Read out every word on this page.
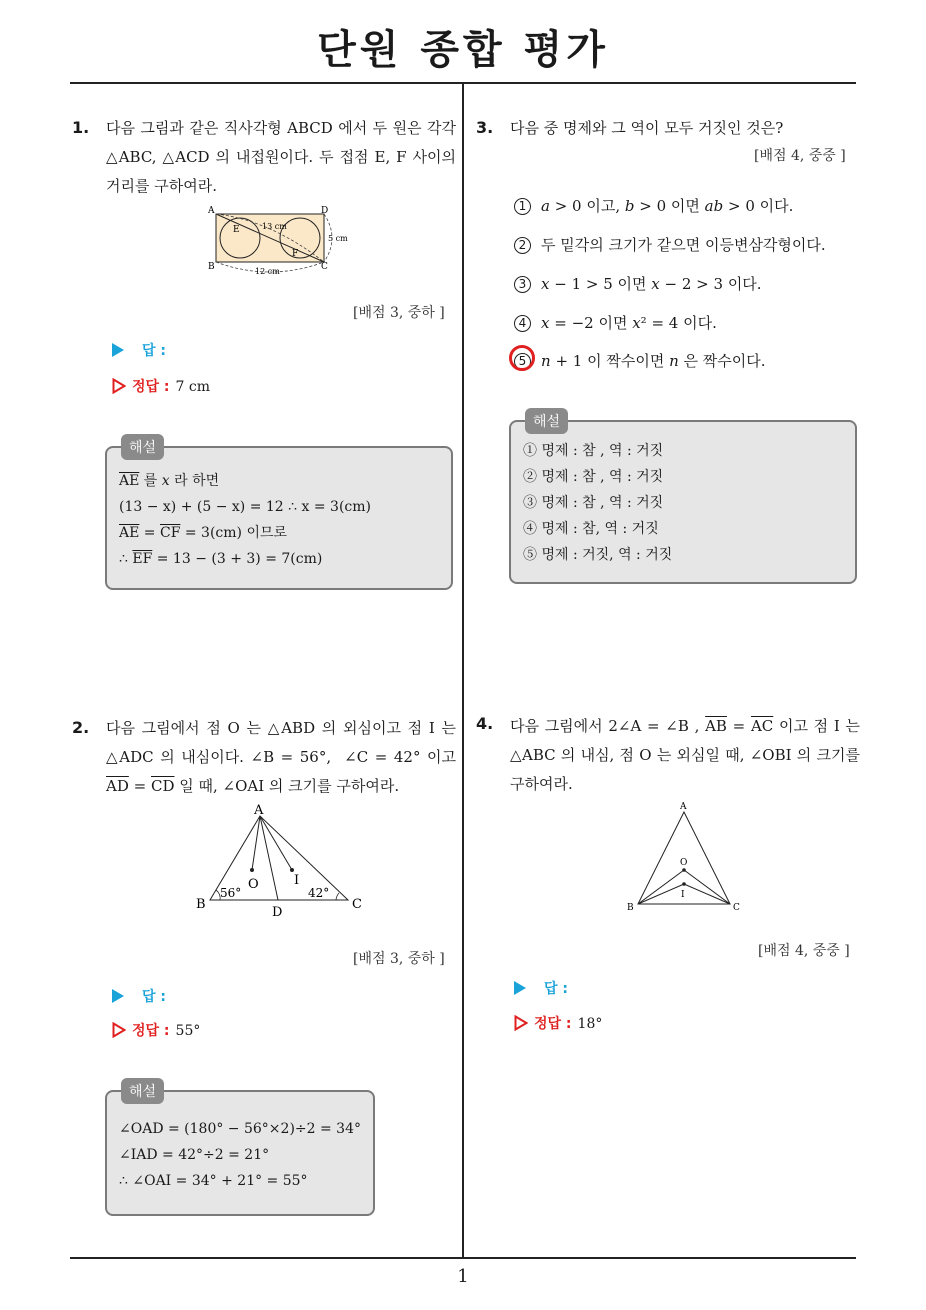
단원 종합 평가
1
1. 다음 그림과 같은 직사각형 ABCD 에서 두 원은 각각 △ABC, △ACD 의 내접원이다. 두 접점 E, F 사이의 거리를 구하여라.
A	D
B	C
E
F
13 cm
5 cm
12 cm
[배점 3, 중하 ]
답 :
정답 : 7 cm
해설
$\overline{AE}$ 를 x 라 하면
(13 − x) + (5 − x) = 12 ∴ x = 3(cm)
$\overline{AE} = \overline{CF} = 3(cm)$ 이므로
∴ $\overline{EF} = 13 - (3 + 3) = 7(cm)$
2. 다음 그림에서 점 O 는 △ABD 의 외심이고 점 I 는 △ADC 의 내심이다. ∠B = 56°,  ∠C = 42° 이고 $\overline{AD} = \overline{CD}$ 일 때, ∠OAI 의 크기를 구하여라.
A
B	C
D
O	I
56°	42°
[배점 3, 중하 ]
답 :
정답 : 55°
해설
∠OAD = (180° − 56°×2)÷2 = 34°
∠IAD = 42°÷2 = 21°
∴ ∠OAI = 34° + 21° = 55°
3. 다음 중 명제와 그 역이 모두 거짓인 것은?
[배점 4, 중중 ]
1 a > 0 이고, b > 0 이면 ab > 0 이다.
2 두 밑각의 크기가 같으면 이등변삼각형이다.
3 x − 1 > 5 이면 x − 2 > 3 이다.
4 x = −2 이면 x² = 4 이다.
5 n + 1 이 짝수이면 n 은 짝수이다.
해설
① 명제 : 참 , 역 : 거짓
② 명제 : 참 , 역 : 거짓
③ 명제 : 참 , 역 : 거짓
④ 명제 : 참, 역 : 거짓
⑤ 명제 : 거짓, 역 : 거짓
4. 다음 그림에서 2∠A = ∠B , $\overline{AB} = \overline{AC}$ 이고 점 I 는 △ABC 의 내심, 점 O 는 외심일 때, ∠OBI 의 크기를 구하여라.
A
B	C
O
I
[배점 4, 중중 ]
답 :
정답 : 18°
